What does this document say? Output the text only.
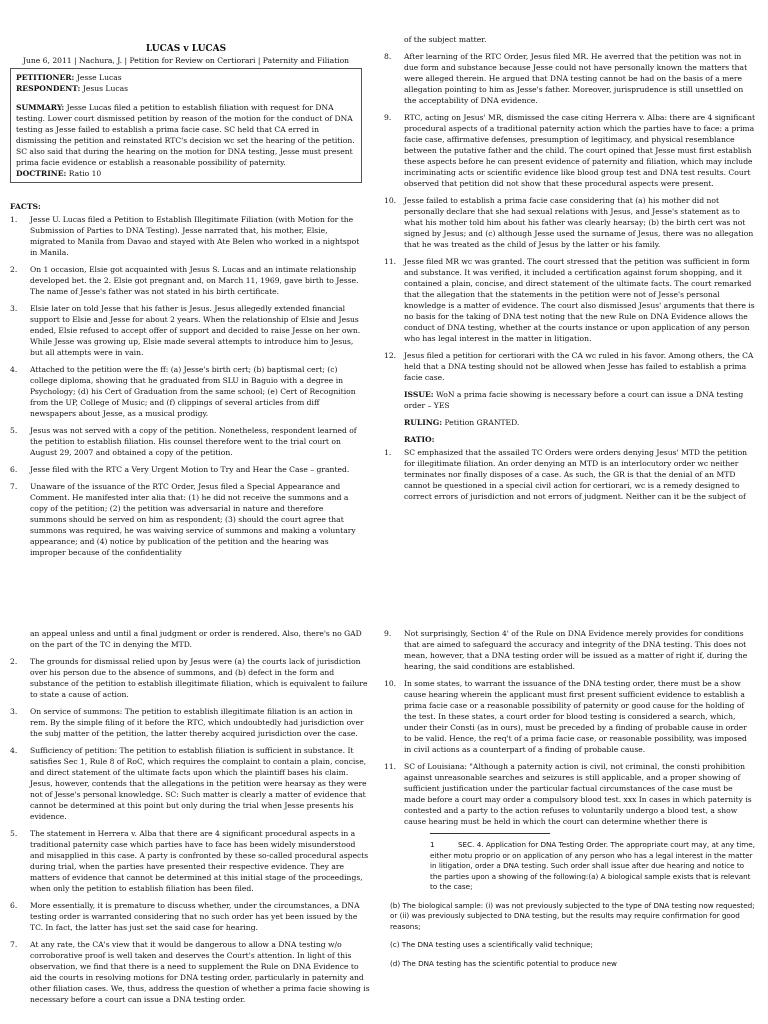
LUCAS v LUCAS

June 6, 2011 | Nachura, J. | Petition for Review on Certiorari | Paternity and Filiation

PETITIONER: Jesse Lucas

RESPONDENT: Jesus Lucas

SUMMARY: Jesse Lucas filed a petition to establish filiation with request for DNA testing. Lower court dismissed petition by reason of the motion for the conduct of DNA testing as Jesse failed to establish a prima facie case. SC held that CA erred in dismissing the petition and reinstated RTC's decision wc set the hearing of the petition. SC also said that during the hearing on the motion for DNA testing, Jesse must present prima facie evidence or establish a reasonable possibility of paternity.

DOCTRINE: Ratio 10

FACTS:

1.	Jesse U. Lucas filed a Petition to Establish Illegitimate Filiation (with Motion for the Submission of Parties to DNA Testing). Jesse narrated that, his mother, Elsie, migrated to Manila from Davao and stayed with Ate Belen who worked in a nightspot in Manila.
2.	On 1 occasion, Elsie got acquainted with Jesus S. Lucas and an intimate relationship developed bet. the 2. Elsie got pregnant and, on March 11, 1969, gave birth to Jesse. The name of Jesse's father was not stated in his birth certificate.
3.	Elsie later on told Jesse that his father is Jesus. Jesus allegedly extended financial support to Elsie and Jesse for about 2 years. When the relationship of Elsie and Jesus ended, Elsie refused to accept offer of support and decided to raise Jesse on her own. While Jesse was growing up, Elsie made several attempts to introduce him to Jesus, but all attempts were in vain.
4.	Attached to the petition were the ff: (a) Jesse's birth cert; (b) baptismal cert; (c) college diploma, showing that he graduated from SLU in Baguio with a degree in Psychology; (d) his Cert of Graduation from the same school; (e) Cert of Recognition from the UP, College of Music; and (f) clippings of several articles from diff newspapers about Jesse, as a musical prodigy.
5.	Jesus was not served with a copy of the petition. Nonetheless, respondent learned of the petition to establish filiation. His counsel therefore went to the trial court on August 29, 2007 and obtained a copy of the petition.
6.	Jesse filed with the RTC a Very Urgent Motion to Try and Hear the Case – granted.
7.	Unaware of the issuance of the RTC Order, Jesus filed a Special Appearance and Comment. He manifested inter alia that: (1) he did not receive the summons and a copy of the petition; (2) the petition was adversarial in nature and therefore summons should be served on him as respondent; (3) should the court agree that summons was required, he was waiving service of summons and making a voluntary appearance; and (4) notice by publication of the petition and the hearing was improper because of the confidentiality

of the subject matter.

8.	After learning of the RTC Order, Jesus filed MR. He averred that the petition was not in due form and substance because Jesse could not have personally known the matters that were alleged therein. He argued that DNA testing cannot be had on the basis of a mere allegation pointing to him as Jesse's father. Moreover, jurisprudence is still unsettled on the acceptability of DNA evidence.
9.	RTC, acting on Jesus' MR, dismissed the case citing Herrera v. Alba: there are 4 significant procedural aspects of a traditional paternity action which the parties have to face: a prima facie case, affirmative defenses, presumption of legitimacy, and physical resemblance between the putative father and the child. The court opined that Jesse must first establish these aspects before he can present evidence of paternity and filiation, which may include incriminating acts or scientific evidence like blood group test and DNA test results. Court observed that petition did not show that these procedural aspects were present.
10.	Jesse failed to establish a prima facie case considering that (a) his mother did not personally declare that she had sexual relations with Jesus, and Jesse's statement as to what his mother told him about his father was clearly hearsay; (b) the birth cert was not signed by Jesus; and (c) although Jesse used the surname of Jesus, there was no allegation that he was treated as the child of Jesus by the latter or his family.
11.	Jesse filed MR wc was granted. The court stressed that the petition was sufficient in form and substance. It was verified, it included a certification against forum shopping, and it contained a plain, concise, and direct statement of the ultimate facts. The court remarked that the allegation that the statements in the petition were not of Jesse's personal knowledge is a matter of evidence. The court also dismissed Jesus' arguments that there is no basis for the taking of DNA test noting that the new Rule on DNA Evidence allows the conduct of DNA testing, whether at the courts instance or upon application of any person who has legal interest in the matter in litigation.
12.	Jesus filed a petition for certiorari with the CA wc ruled in his favor. Among others, the CA held that a DNA testing should not be allowed when Jesse has failed to establish a prima facie case.

ISSUE: WoN a prima facie showing is necessary before a court can issue a DNA testing order – YES

RULING: Petition GRANTED.

RATIO:

1.	SC emphasized that the assailed TC Orders were orders denying Jesus' MTD the petition for illegitimate filiation. An order denying an MTD is an interlocutory order wc neither terminates nor finally disposes of a case. As such, the GR is that the denial of an MTD cannot be questioned in a special civil action for certiorari, wc is a remedy designed to correct errors of jurisdiction and not errors of judgment. Neither can it be the subject of

an appeal unless and until a final judgment or order is rendered. Also, there's no GAD on the part of the TC in denying the MTD.

2.	The grounds for dismissal relied upon by Jesus were (a) the courts lack of jurisdiction over his person due to the absence of summons, and (b) defect in the form and substance of the petition to establish illegitimate filiation, which is equivalent to failure to state a cause of action.
3.	On service of summons: The petition to establish illegitimate filiation is an action in rem. By the simple filing of it before the RTC, which undoubtedly had jurisdiction over the subj matter of the petition, the latter thereby acquired jurisdiction over the case.
4.	Sufficiency of petition: The petition to establish filiation is sufficient in substance. It satisfies Sec 1, Rule 8 of RoC, which requires the complaint to contain a plain, concise, and direct statement of the ultimate facts upon which the plaintiff bases his claim. Jesus, however, contends that the allegations in the petition were hearsay as they were not of Jesse's personal knowledge. SC: Such matter is clearly a matter of evidence that cannot be determined at this point but only during the trial when Jesse presents his evidence.
5.	The statement in Herrera v. Alba that there are 4 significant procedural aspects in a traditional paternity case which parties have to face has been widely misunderstood and misapplied in this case. A party is confronted by these so-called procedural aspects during trial, when the parties have presented their respective evidence. They are matters of evidence that cannot be determined at this initial stage of the proceedings, when only the petition to establish filiation has been filed.
6.	More essentially, it is premature to discuss whether, under the circumstances, a DNA testing order is warranted considering that no such order has yet been issued by the TC. In fact, the latter has just set the said case for hearing.
7.	At any rate, the CA's view that it would be dangerous to allow a DNA testing w/o corroborative proof is well taken and deserves the Court's attention. In light of this observation, we find that there is a need to supplement the Rule on DNA Evidence to aid the courts in resolving motions for DNA testing order, particularly in paternity and other filiation cases. We, thus, address the question of whether a prima facie showing is necessary before a court can issue a DNA testing order.
9.	Not surprisingly, Section 4' of the Rule on DNA Evidence merely provides for conditions that are aimed to safeguard the accuracy and integrity of the DNA testing. This does not mean, however, that a DNA testing order will be issued as a matter of right if, during the hearing, the said conditions are established.
10.	In some states, to warrant the issuance of the DNA testing order, there must be a show cause hearing wherein the applicant must first present sufficient evidence to establish a prima facie case or a reasonable possibility of paternity or good cause for the holding of the test. In these states, a court order for blood testing is considered a search, which, under their Consti (as in ours), must be preceded by a finding of probable cause in order to be valid. Hence, the req't of a prima facie case, or reasonable possibility, was imposed in civil actions as a counterpart of a finding of probable cause.
11.	SC of Louisiana: "Although a paternity action is civil, not criminal, the consti prohibition against unreasonable searches and seizures is still applicable, and a proper showing of sufficient justification under the particular factual circumstances of the case must be made before a court may order a compulsory blood test. xxx In cases in which paternity is contested and a party to the action refuses to voluntarily undergo a blood test, a show cause hearing must be held in which the court can determine whether there is

1	SEC. 4. Application for DNA Testing Order. The appropriate court may, at any time, either motu proprio or on application of any person who has a legal interest in the matter in litigation, order a DNA testing. Such order shall issue after due hearing and notice to the parties upon a showing of the following:(a) A biological sample exists that is relevant to the case;

(b) The biological sample: (i) was not previously subjected to the type of DNA testing now requested; or (ii) was previously subjected to DNA testing, but the results may require confirmation for good reasons;

(c) The DNA testing uses a scientifically valid technique;

(d) The DNA testing has the scientific potential to produce new
